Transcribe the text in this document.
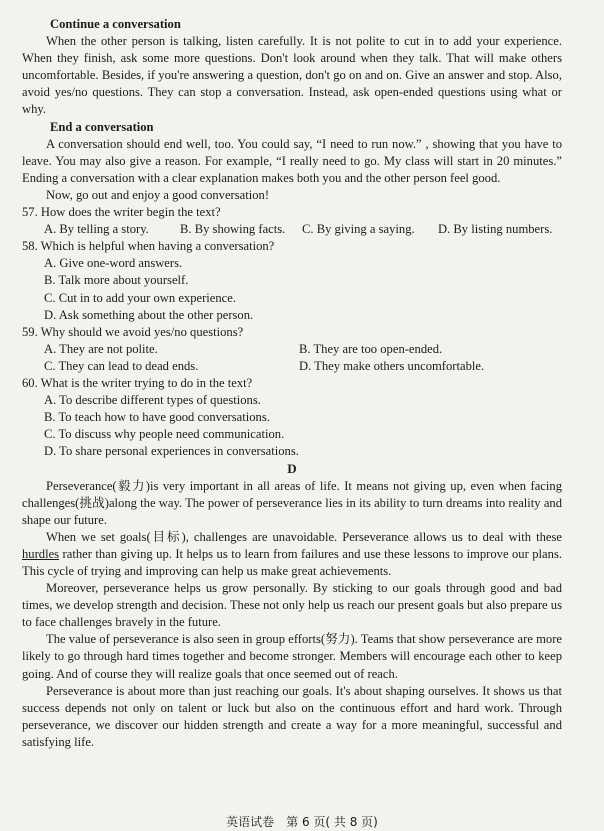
Continue a conversation

When the other person is talking, listen carefully. It is not polite to cut in to add your experience. When they finish, ask some more questions. Don't look around when they talk. That will make others uncomfortable. Besides, if you're answering a question, don't go on and on. Give an answer and stop. Also, avoid yes/no questions. They can stop a conversation. Instead, ask open-ended questions using what or why.

End a conversation

A conversation should end well, too. You could say, “I need to run now.” , showing that you have to leave. You may also give a reason. For example, “I really need to go. My class will start in 20 minutes.” Ending a conversation with a clear explanation makes both you and the other person feel good.

Now, go out and enjoy a good conversation!

57. How does the writer begin the text?

A. By telling a story.	B. By showing facts.	C. By giving a saying.	D. By listing numbers.

58. Which is helpful when having a conversation?

A. Give one-word answers.

B. Talk more about yourself.

C. Cut in to add your own experience.

D. Ask something about the other person.

59. Why should we avoid yes/no questions?

A. They are not polite.	B. They are too open-ended.
C. They can lead to dead ends.	D. They make others uncomfortable.

60. What is the writer trying to do in the text?

A. To describe different types of questions.

B. To teach how to have good conversations.

C. To discuss why people need communication.

D. To share personal experiences in conversations.

D

Perseverance(毅力)is very important in all areas of life. It means not giving up, even when facing challenges(挑战)along the way. The power of perseverance lies in its ability to turn dreams into reality and shape our future.

When we set goals(目标), challenges are unavoidable. Perseverance allows us to deal with these hurdles rather than giving up. It helps us to learn from failures and use these lessons to improve our plans. This cycle of trying and improving can help us make great achievements.

Moreover, perseverance helps us grow personally. By sticking to our goals through good and bad times, we develop strength and decision. These not only help us reach our present goals but also prepare us to face challenges bravely in the future.

The value of perseverance is also seen in group efforts(努力). Teams that show perseverance are more likely to go through hard times together and become stronger. Members will encourage each other to keep going. And of course they will realize goals that once seemed out of reach.

Perseverance is about more than just reaching our goals. It's about shaping ourselves. It shows us that success depends not only on talent or luck but also on the continuous effort and hard work. Through perseverance, we discover our hidden strength and create a way for a more meaningful, successful and satisfying life.

英语试卷　第 6 页( 共 8 页)
